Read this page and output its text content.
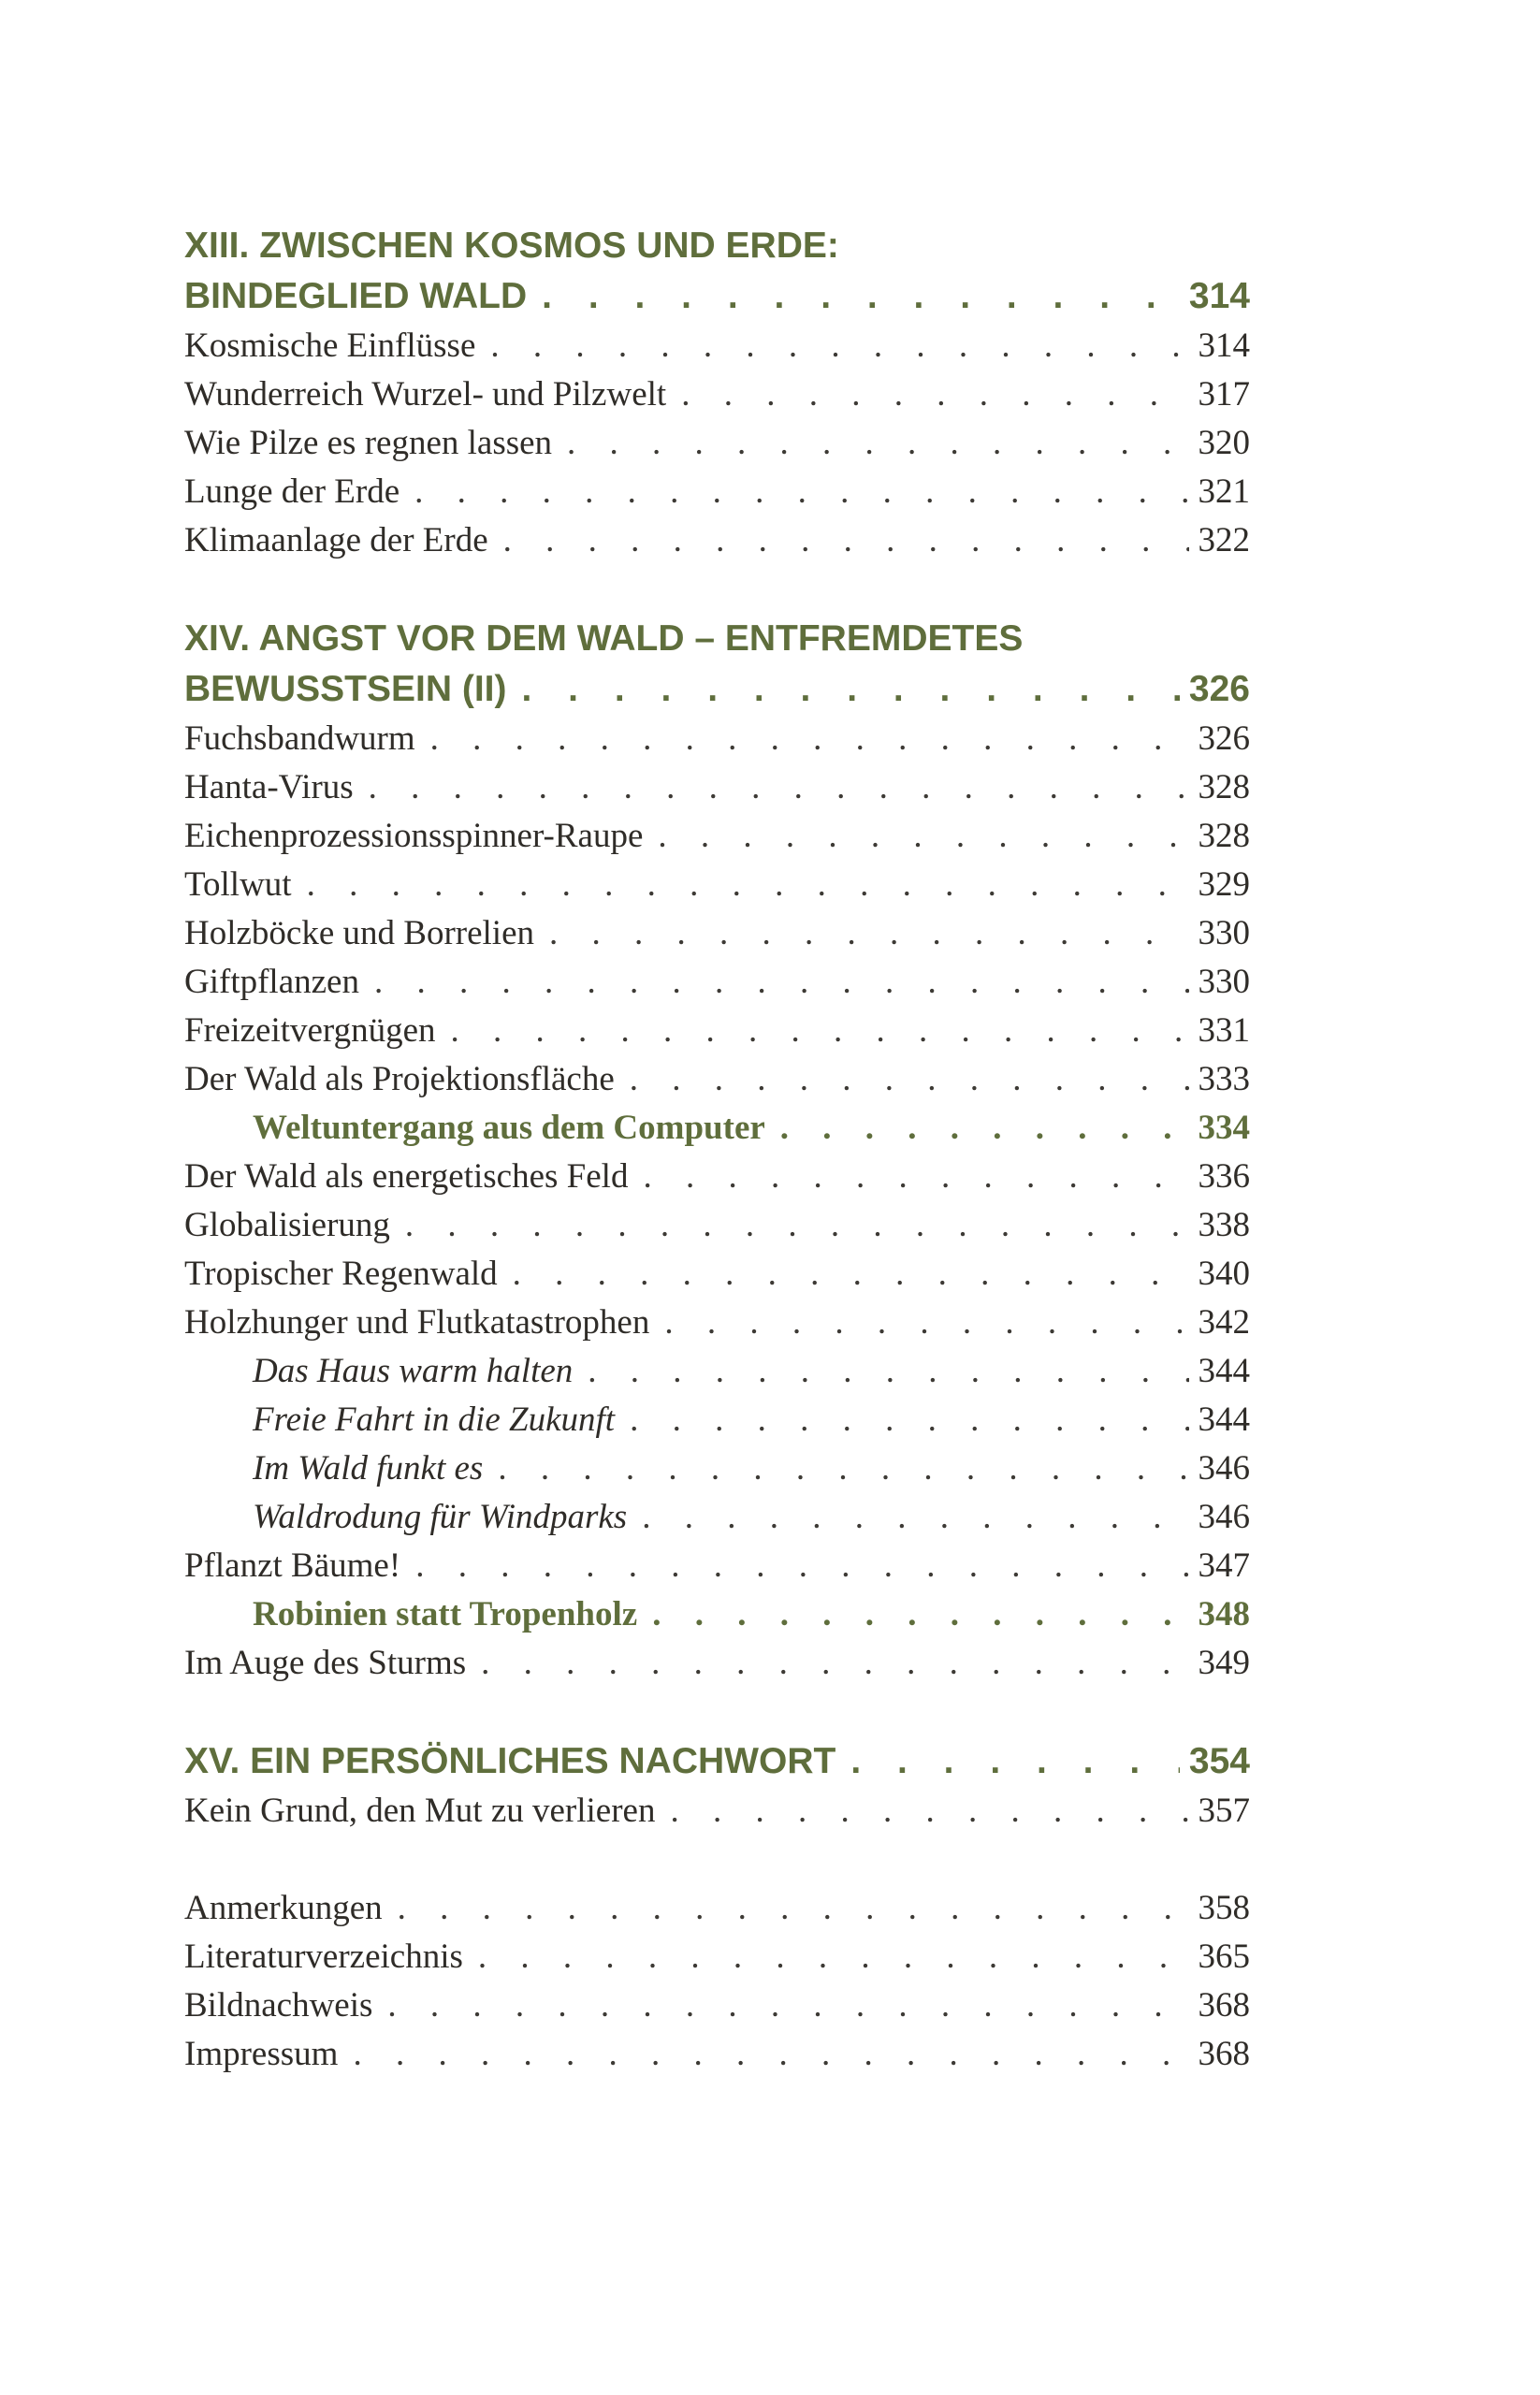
XIII. ZWISCHEN KOSMOS UND ERDE:
BINDEGLIED WALD . . .	314
Kosmische Einflüsse . . .	314
Wunderreich Wurzel- und Pilzwelt . . .	317
Wie Pilze es regnen lassen . . .	320
Lunge der Erde . . .	321
Klimaanlage der Erde . . .	322
XIV. ANGST VOR DEM WALD – ENTFREMDETES
BEWUSSTSEIN (II) . . .	326
Fuchsbandwurm . . .	326
Hanta-Virus . . .	328
Eichenprozessionsspinner-Raupe . . .	328
Tollwut . . .	329
Holzböcke und Borrelien . . .	330
Giftpflanzen . . .	330
Freizeitvergnügen . . .	331
Der Wald als Projektionsfläche . . .	333
Weltuntergang aus dem Computer . . .	334
Der Wald als energetisches Feld . . .	336
Globalisierung . . .	338
Tropischer Regenwald . . .	340
Holzhunger und Flutkatastrophen . . .	342
Das Haus warm halten . . .	344
Freie Fahrt in die Zukunft . . .	344
Im Wald funkt es . . .	346
Waldrodung für Windparks . . .	346
Pflanzt Bäume! . . .	347
Robinien statt Tropenholz . . .	348
Im Auge des Sturms . . .	349
XV. EIN PERSÖNLICHES NACHWORT . . .	354
Kein Grund, den Mut zu verlieren . . .	357
Anmerkungen . . .	358
Literaturverzeichnis . . .	365
Bildnachweis . . .	368
Impressum . . .	368
